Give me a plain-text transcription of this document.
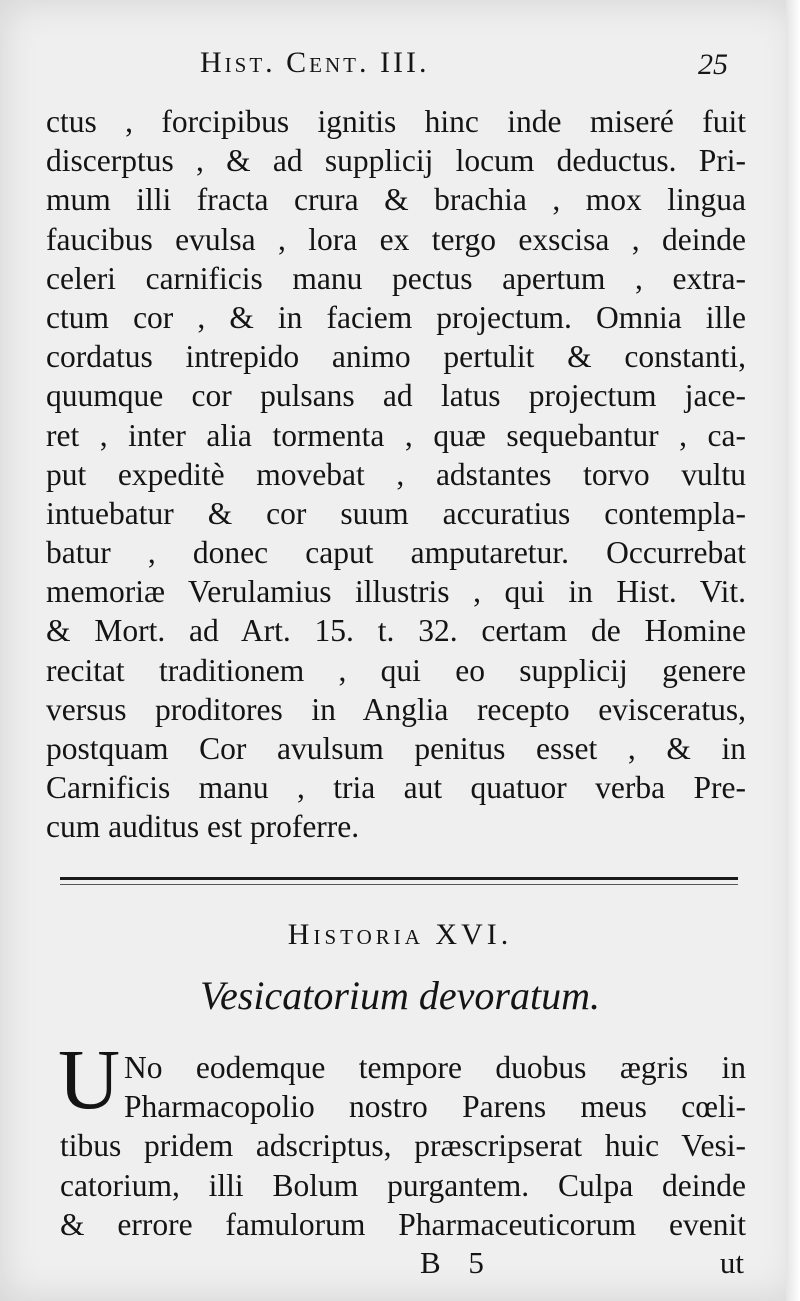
Hist. Cent. III.	25
ctus , forcipibus ignitis hinc inde miseré fuit
discerptus , & ad supplicij locum deductus. Pri-
mum illi fracta crura & brachia , mox lingua
faucibus evulsa , lora ex tergo exscisa , deinde
celeri carnificis manu pectus apertum , extra-
ctum cor , & in faciem projectum. Omnia ille
cordatus intrepido animo pertulit & constanti,
quumque cor pulsans ad latus projectum jace-
ret , inter alia tormenta , quæ sequebantur , ca-
put expeditè movebat , adstantes torvo vultu
intuebatur & cor suum accuratius contempla-
batur , donec caput amputaretur. Occurrebat
memoriæ Verulamius illustris , qui in Hist. Vit.
& Mort. ad Art. 15. t. 32. certam de Homine
recitat traditionem , qui eo supplicij genere
versus proditores in Anglia recepto evisceratus,
postquam Cor avulsum penitus esset , & in
Carnificis manu , tria aut quatuor verba Pre-
cum auditus est proferre.
Historia XVI.
Vesicatorium devoratum.
U No eodemque tempore duobus ægris in
Pharmacopolio nostro Parens meus cœli-
tibus pridem adscriptus, præscripserat huic Vesi-
catorium, illi Bolum purgantem. Culpa deinde
& errore famulorum Pharmaceuticorum evenit
B 5	ut
